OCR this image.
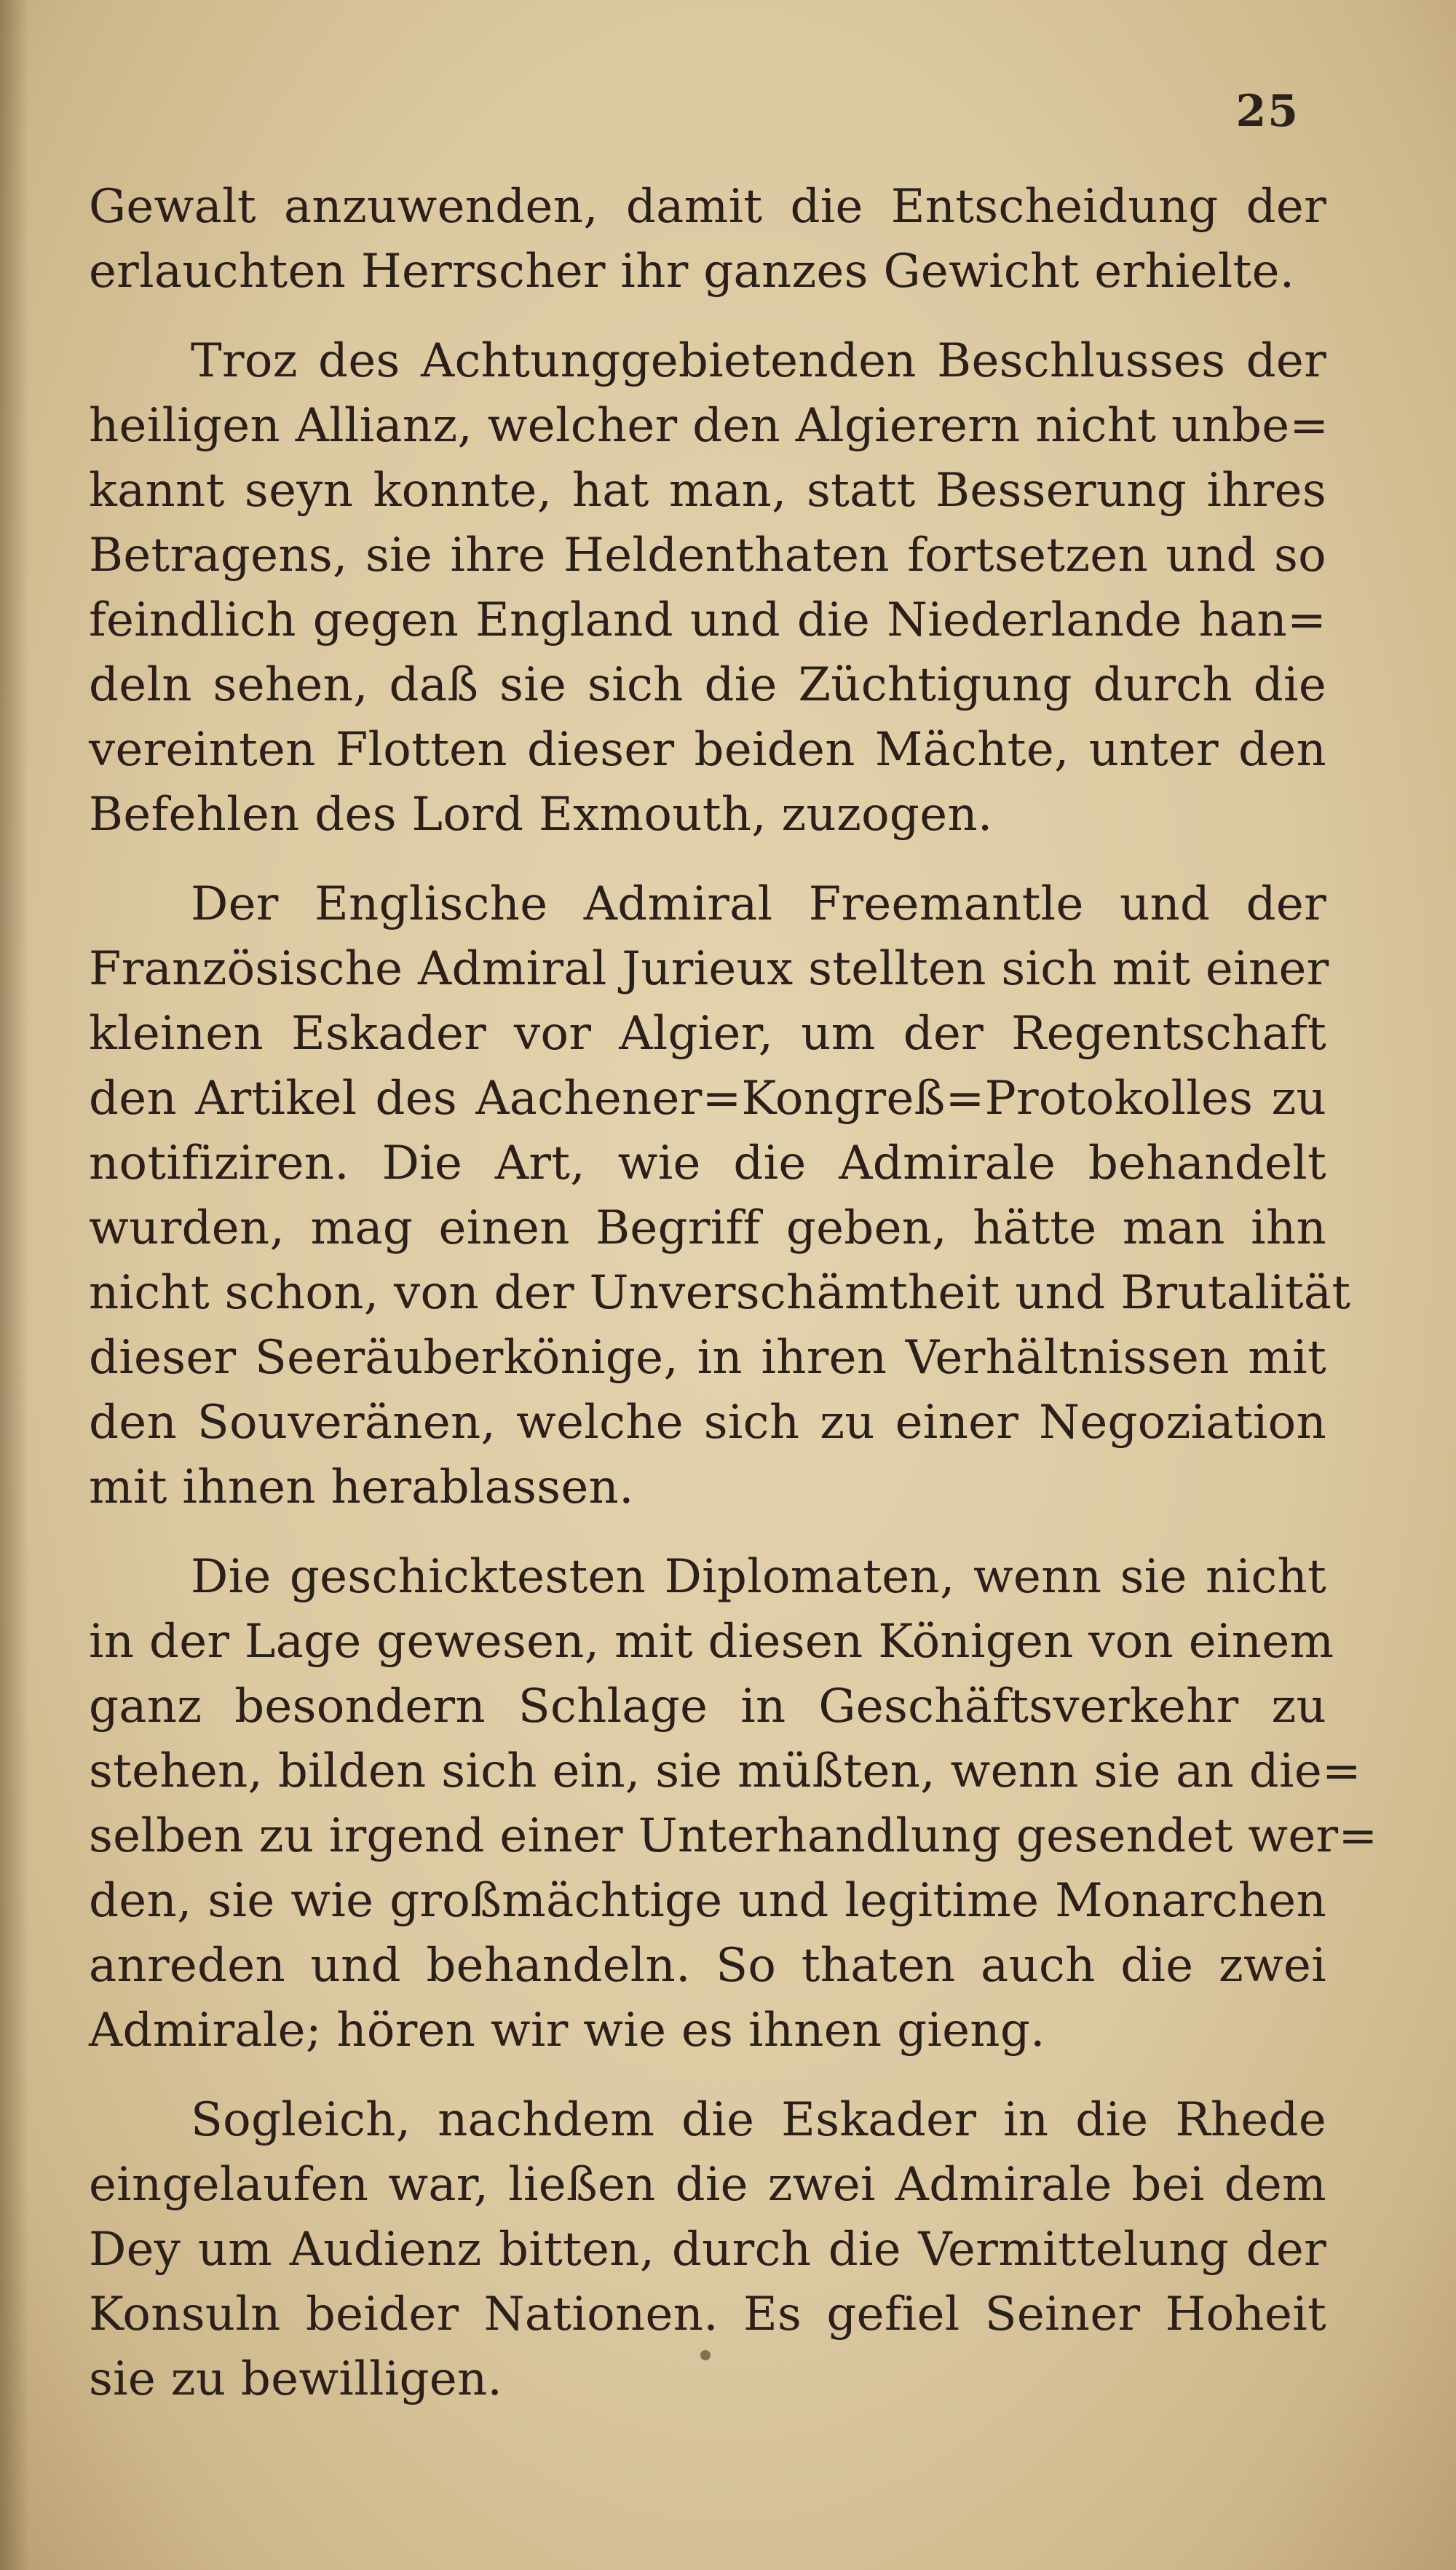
25

Gewalt anzuwenden, damit die Entscheidung der
erlauchten Herrscher ihr ganzes Gewicht erhielte.

Troz des Achtunggebietenden Beschlusses der
heiligen Allianz, welcher den Algierern nicht unbe=
kannt seyn konnte, hat man, statt Besserung ihres
Betragens, sie ihre Heldenthaten fortsetzen und so
feindlich gegen England und die Niederlande han=
deln sehen, daß sie sich die Züchtigung durch die
vereinten Flotten dieser beiden Mächte, unter den
Befehlen des Lord Exmouth, zuzogen.

Der Englische Admiral Freemantle und der
Französische Admiral Jurieux stellten sich mit einer
kleinen Eskader vor Algier, um der Regentschaft
den Artikel des Aachener=Kongreß=Protokolles zu
notifiziren. Die Art, wie die Admirale behandelt
wurden, mag einen Begriff geben, hätte man ihn
nicht schon, von der Unverschämtheit und Brutalität
dieser Seeräuberkönige, in ihren Verhältnissen mit
den Souveränen, welche sich zu einer Negoziation
mit ihnen herablassen.

Die geschicktesten Diplomaten, wenn sie nicht
in der Lage gewesen, mit diesen Königen von einem
ganz besondern Schlage in Geschäftsverkehr zu
stehen, bilden sich ein, sie müßten, wenn sie an die=
selben zu irgend einer Unterhandlung gesendet wer=
den, sie wie großmächtige und legitime Monarchen
anreden und behandeln. So thaten auch die zwei
Admirale; hören wir wie es ihnen gieng.

Sogleich, nachdem die Eskader in die Rhede
eingelaufen war, ließen die zwei Admirale bei dem
Dey um Audienz bitten, durch die Vermittelung der
Konsuln beider Nationen. Es gefiel Seiner Hoheit
sie zu bewilligen.
